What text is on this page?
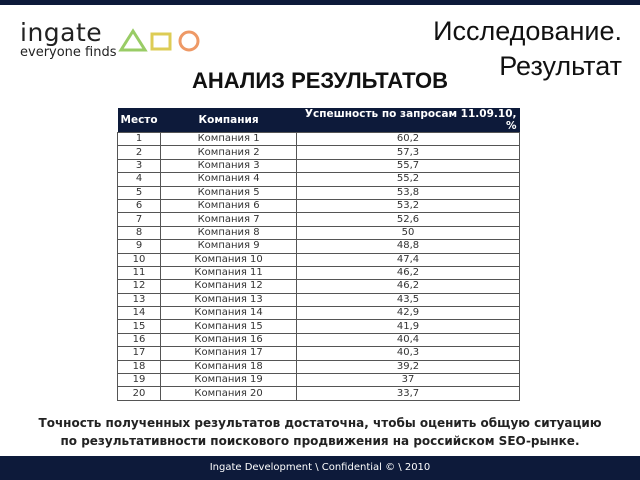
ingate
everyone finds
Исследование.
Результат
АНАЛИЗ РЕЗУЛЬТАТОВ
Место	Компания	Успешность по запросам 11.09.10, %
1	Компания 1	60,2
2	Компания 2	57,3
3	Компания 3	55,7
4	Компания 4	55,2
5	Компания 5	53,8
6	Компания 6	53,2
7	Компания 7	52,6
8	Компания 8	50
9	Компания 9	48,8
10	Компания 10	47,4
11	Компания 11	46,2
12	Компания 12	46,2
13	Компания 13	43,5
14	Компания 14	42,9
15	Компания 15	41,9
16	Компания 16	40,4
17	Компания 17	40,3
18	Компания 18	39,2
19	Компания 19	37
20	Компания 20	33,7
Точность полученных результатов достаточна, чтобы оценить общую ситуацию
по результативности поискового продвижения на российском SEO-рынке.
Ingate Development \ Confidential © \ 2010
